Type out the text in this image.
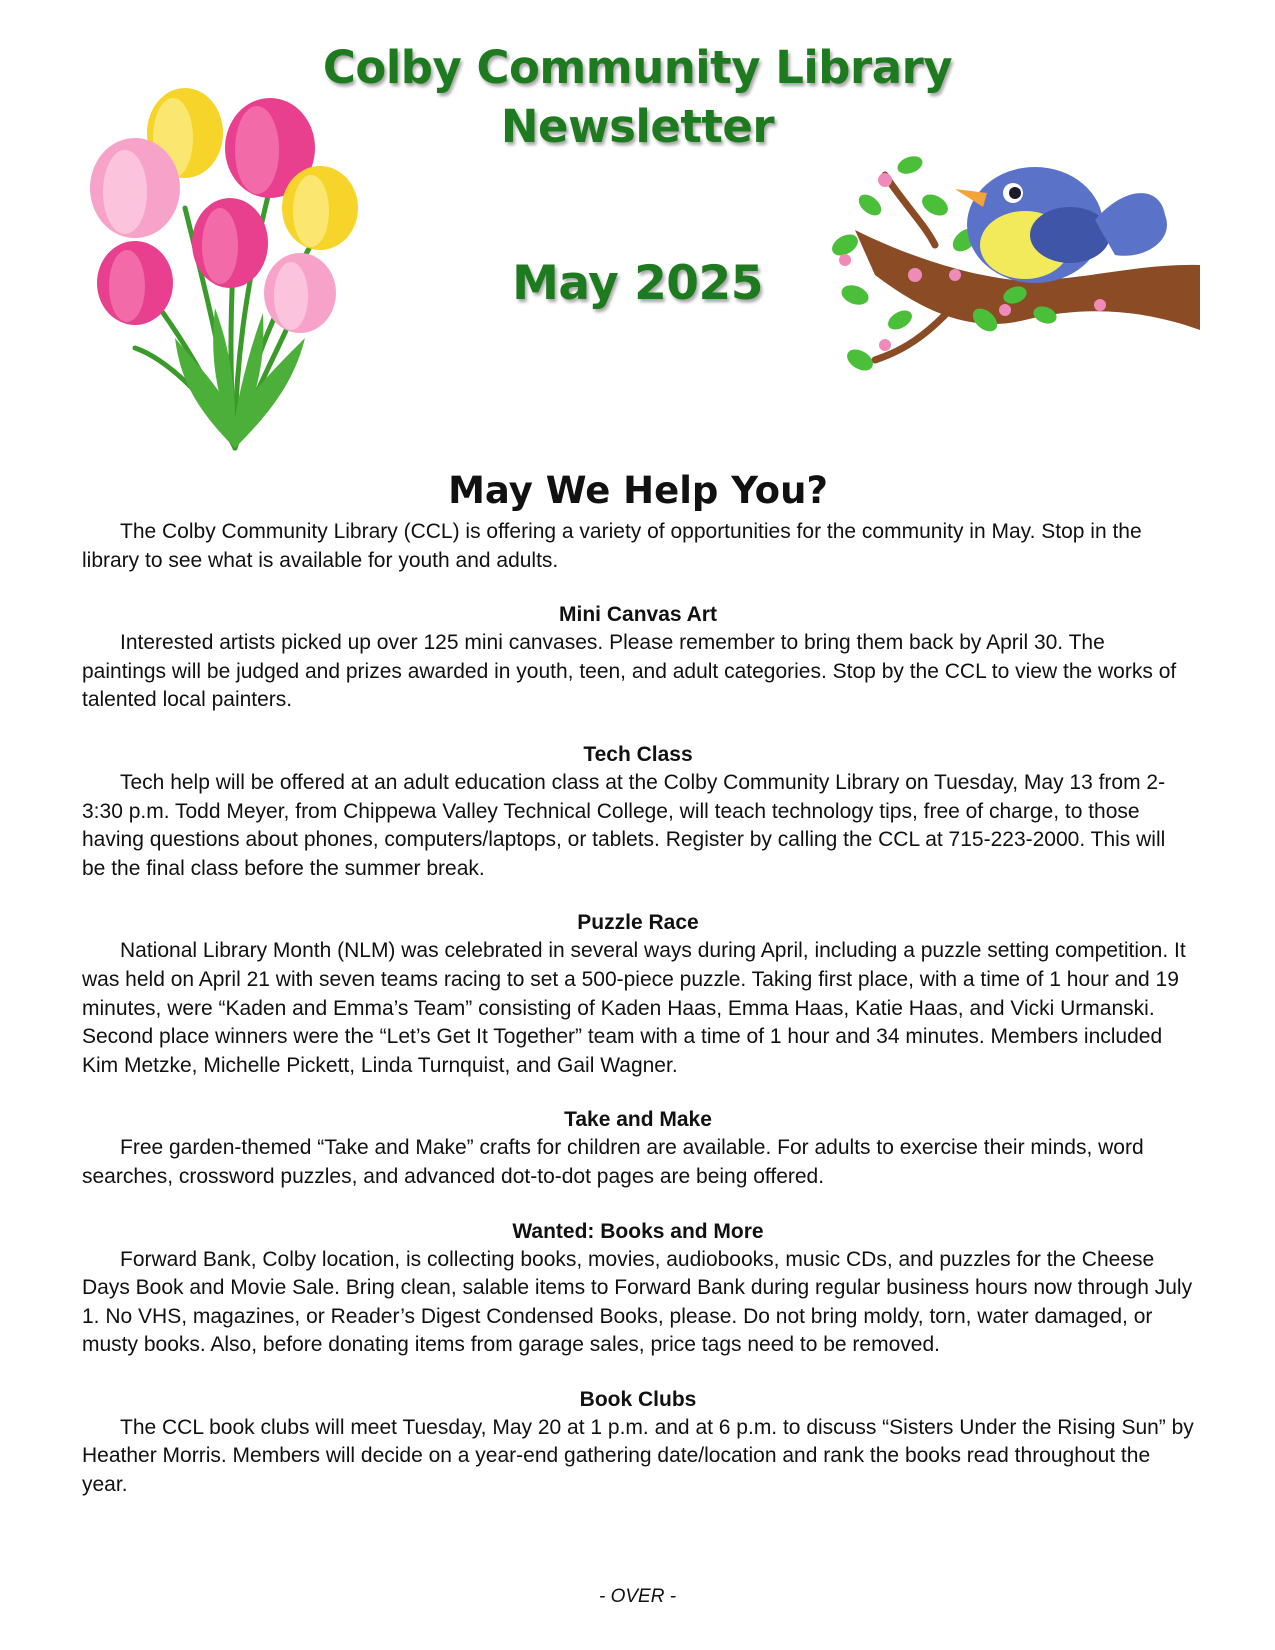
Colby Community Library
Newsletter
May 2025
May We Help You?

The Colby Community Library (CCL) is offering a variety of opportunities for the community in May. Stop in the library to see what is available for youth and adults.

Mini Canvas Art

Interested artists picked up over 125 mini canvases. Please remember to bring them back by April 30. The paintings will be judged and prizes awarded in youth, teen, and adult categories. Stop by the CCL to view the works of talented local painters.

Tech Class

Tech help will be offered at an adult education class at the Colby Community Library on Tuesday, May 13 from 2-3:30 p.m. Todd Meyer, from Chippewa Valley Technical College, will teach technology tips, free of charge, to those having questions about phones, computers/laptops, or tablets. Register by calling the CCL at 715-223-2000. This will be the final class before the summer break.

Puzzle Race

National Library Month (NLM) was celebrated in several ways during April, including a puzzle setting competition. It was held on April 21 with seven teams racing to set a 500-piece puzzle. Taking first place, with a time of 1 hour and 19 minutes, were “Kaden and Emma’s Team” consisting of Kaden Haas, Emma Haas, Katie Haas, and Vicki Urmanski. Second place winners were the “Let’s Get It Together” team with a time of 1 hour and 34 minutes. Members included Kim Metzke, Michelle Pickett, Linda Turnquist, and Gail Wagner.

Take and Make

Free garden-themed “Take and Make” crafts for children are available. For adults to exercise their minds, word searches, crossword puzzles, and advanced dot-to-dot pages are being offered.

Wanted: Books and More

Forward Bank, Colby location, is collecting books, movies, audiobooks, music CDs, and puzzles for the Cheese Days Book and Movie Sale. Bring clean, salable items to Forward Bank during regular business hours now through July 1. No VHS, magazines, or Reader’s Digest Condensed Books, please. Do not bring moldy, torn, water damaged, or musty books. Also, before donating items from garage sales, price tags need to be removed.

Book Clubs

The CCL book clubs will meet Tuesday, May 20 at 1 p.m. and at 6 p.m. to discuss “Sisters Under the Rising Sun” by Heather Morris. Members will decide on a year-end gathering date/location and rank the books read throughout the year.

- OVER -
